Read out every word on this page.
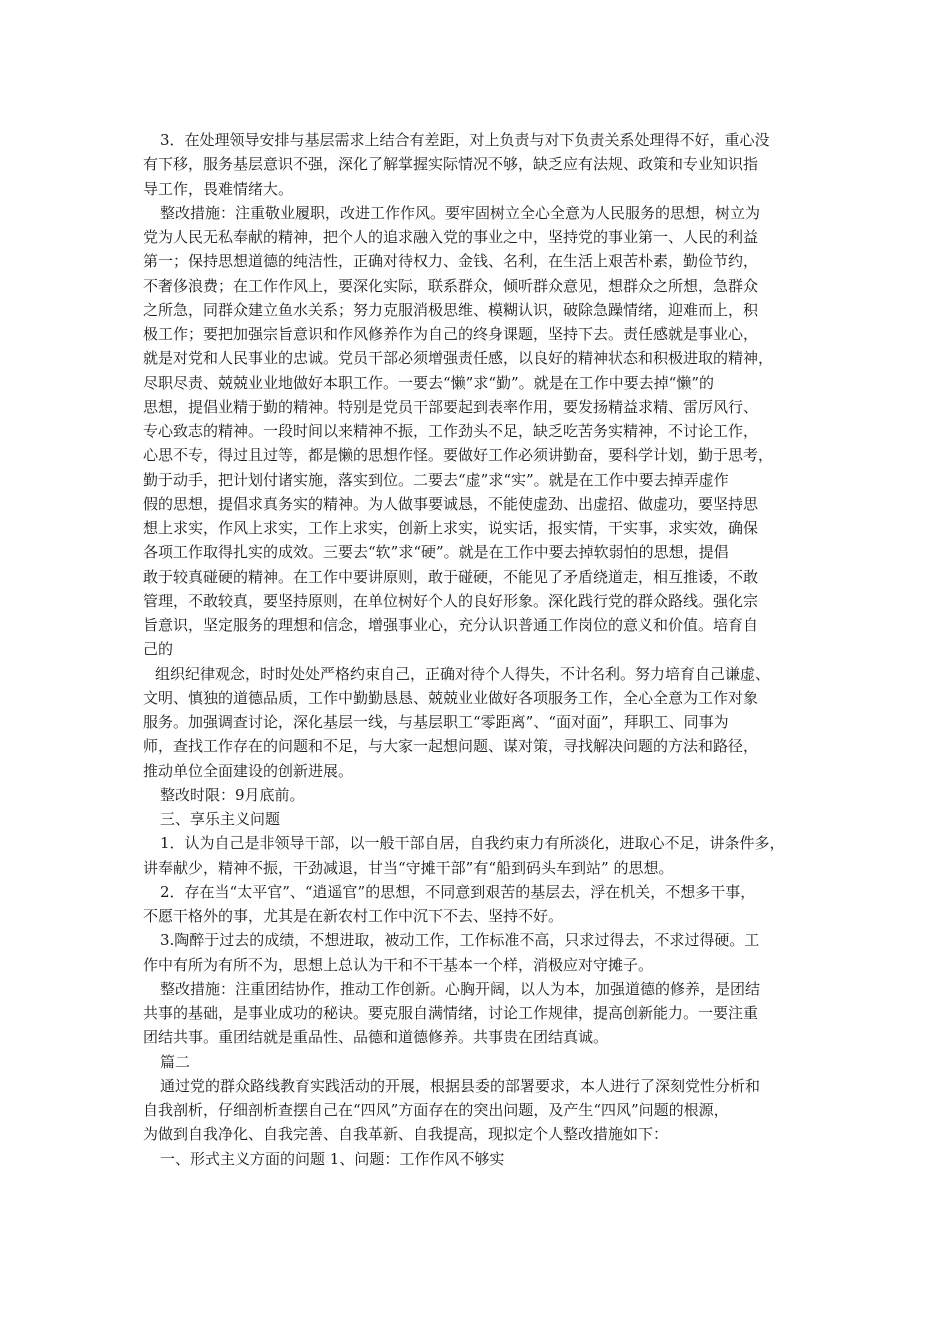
3．在处理领导安排与基层需求上结合有差距，对上负责与对下负责关系处理得不好，重心没
有下移，服务基层意识不强，深化了解掌握实际情况不够，缺乏应有法规、政策和专业知识指
导工作，畏难情绪大。
整改措施：注重敬业履职，改进工作作风。要牢固树立全心全意为人民服务的思想，树立为
党为人民无私奉献的精神，把个人的追求融入党的事业之中，坚持党的事业第一、人民的利益
第一；保持思想道德的纯洁性，正确对待权力、金钱、名利，在生活上艰苦朴素，勤俭节约，
不奢侈浪费；在工作作风上，要深化实际，联系群众，倾听群众意见，想群众之所想，急群众
之所急，同群众建立鱼水关系；努力克服消极思维、模糊认识，破除急躁情绪，迎难而上，积
极工作；要把加强宗旨意识和作风修养作为自己的终身课题，坚持下去。责任感就是事业心，
就是对党和人民事业的忠诚。党员干部必须增强责任感，以良好的精神状态和积极进取的精神，
尽职尽责、兢兢业业地做好本职工作。一要去“懒”求“勤”。就是在工作中要去掉“懒”的
思想，提倡业精于勤的精神。特别是党员干部要起到表率作用，要发扬精益求精、雷厉风行、
专心致志的精神。一段时间以来精神不振，工作劲头不足，缺乏吃苦务实精神，不讨论工作，
心思不专，得过且过等，都是懒的思想作怪。要做好工作必须讲勤奋，要科学计划，勤于思考，
勤于动手，把计划付诸实施，落实到位。二要去“虚”求“实”。就是在工作中要去掉弄虚作
假的思想，提倡求真务实的精神。为人做事要诚恳，不能使虚劲、出虚招、做虚功，要坚持思
想上求实，作风上求实，工作上求实，创新上求实，说实话，报实情，干实事，求实效，确保
各项工作取得扎实的成效。三要去“软”求“硬”。就是在工作中要去掉软弱怕的思想，提倡
敢于较真碰硬的精神。在工作中要讲原则，敢于碰硬，不能见了矛盾绕道走，相互推诿，不敢
管理，不敢较真，要坚持原则，在单位树好个人的良好形象。深化践行党的群众路线。强化宗
旨意识，坚定服务的理想和信念，增强事业心，充分认识普通工作岗位的意义和价值。培育自
己的
组织纪律观念，时时处处严格约束自己，正确对待个人得失，不计名利。努力培育自己谦虚、
文明、慎独的道德品质，工作中勤勤恳恳、兢兢业业做好各项服务工作，全心全意为工作对象
服务。加强调查讨论，深化基层一线，与基层职工“零距离”、“面对面”，拜职工、同事为
师，查找工作存在的问题和不足，与大家一起想问题、谋对策，寻找解决问题的方法和路径，
推动单位全面建设的创新进展。
整改时限：9月底前。
三、享乐主义问题
1．认为自己是非领导干部，以一般干部自居，自我约束力有所淡化，进取心不足，讲条件多，
讲奉献少，精神不振，干劲减退，甘当“守摊干部”有“船到码头车到站” 的思想。
2．存在当“太平官”、“逍遥官”的思想，不同意到艰苦的基层去，浮在机关，不想多干事，
不愿干格外的事，尤其是在新农村工作中沉下不去、坚持不好。
3.陶醉于过去的成绩，不想进取，被动工作，工作标准不高，只求过得去，不求过得硬。工
作中有所为有所不为，思想上总认为干和不干基本一个样，消极应对守摊子。
整改措施：注重团结协作，推动工作创新。心胸开阔，以人为本，加强道德的修养，是团结
共事的基础，是事业成功的秘诀。要克服自满情绪，讨论工作规律，提高创新能力。一要注重
团结共事。重团结就是重品性、品德和道德修养。共事贵在团结真诚。
篇二
通过党的群众路线教育实践活动的开展，根据县委的部署要求，本人进行了深刻党性分析和
自我剖析，仔细剖析查摆自己在“四风”方面存在的突出问题，及产生“四风”问题的根源，
为做到自我净化、自我完善、自我革新、自我提高，现拟定个人整改措施如下：
一、形式主义方面的问题 1、问题：工作作风不够实
